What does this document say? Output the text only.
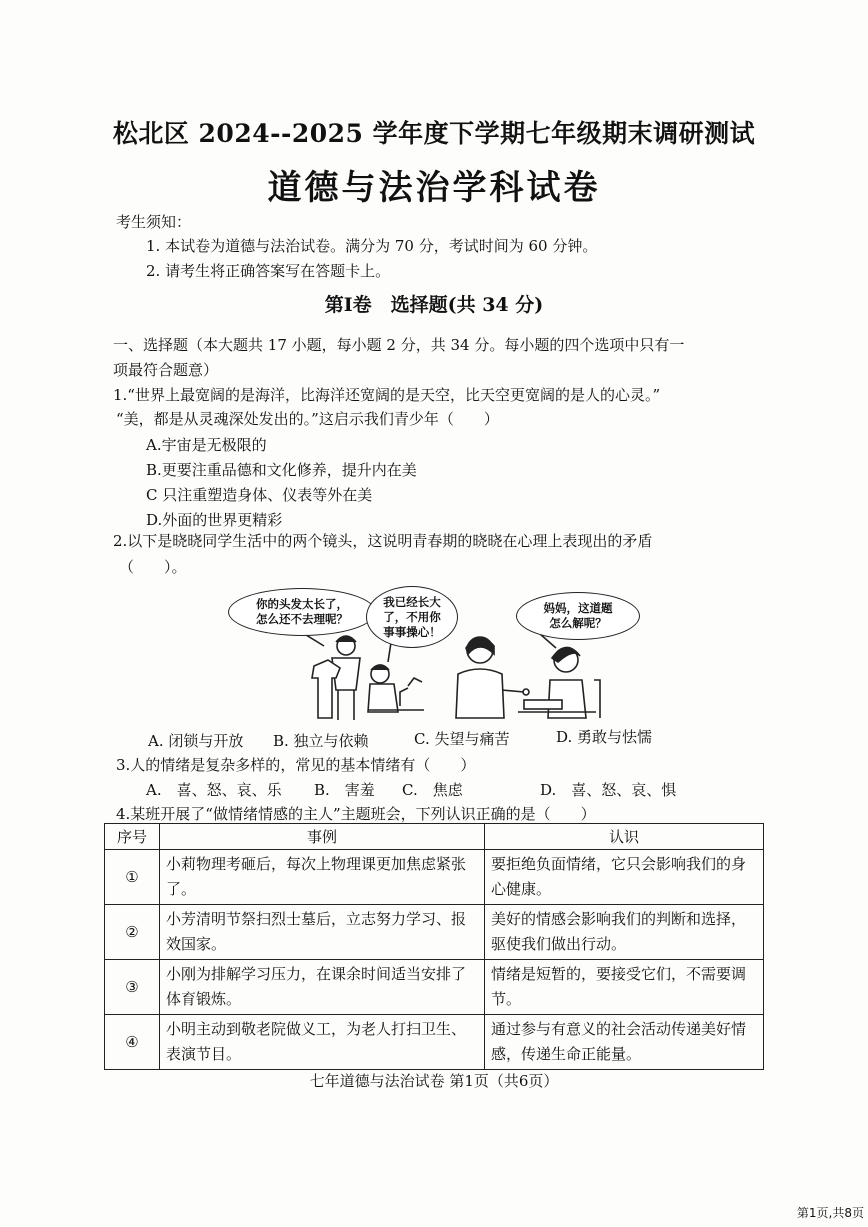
松北区 2024--2025 学年度下学期七年级期末调研测试
道德与法治学科试卷
考生须知：
1. 本试卷为道德与法治试卷。满分为 70 分，考试时间为 60 分钟。
2. 请考生将正确答案写在答题卡上。
第Ⅰ卷　选择题(共 34 分)
一、选择题（本大题共 17 小题，每小题 2 分，共 34 分。每小题的四个选项中只有一
项最符合题意）
1.“世界上最宽阔的是海洋，比海洋还宽阔的是天空，比天空更宽阔的是人的心灵。”
“美，都是从灵魂深处发出的。”这启示我们青少年（　　）
A.宇宙是无极限的
B.更要注重品德和文化修养，提升内在美
C 只注重塑造身体、仪表等外在美
D.外面的世界更精彩
2.以下是晓晓同学生活中的两个镜头，这说明青春期的晓晓在心理上表现出的矛盾
（　　）。
你的头发太长了，
怎么还不去理呢？
我已经长大
了，不用你
事事操心！
妈妈，这道题
怎么解呢？
A. 闭锁与开放 B. 独立与依赖	C. 失望与痛苦	D. 勇敢与怯懦
3.人的情绪是复杂多样的，常见的基本情绪有（　　）
A.　喜、怒、哀、乐 B.　害羞 C.　焦虑	D.　喜、怒、哀、惧
4.某班开展了“做情绪情感的主人”主题班会，下列认识正确的是（　　）
序号	事例	认识
①	小莉物理考砸后，每次上物理课更加焦虑紧张了。	要拒绝负面情绪，它只会影响我们的身心健康。
②	小芳清明节祭扫烈士墓后，立志努力学习、报效国家。	美好的情感会影响我们的判断和选择，驱使我们做出行动。
③	小刚为排解学习压力，在课余时间适当安排了体育锻炼。	情绪是短暂的，要接受它们，不需要调节。
④	小明主动到敬老院做义工，为老人打扫卫生、表演节目。	通过参与有意义的社会活动传递美好情感，传递生命正能量。
七年道德与法治试卷 第1页（共6页）
第1页,共8页
